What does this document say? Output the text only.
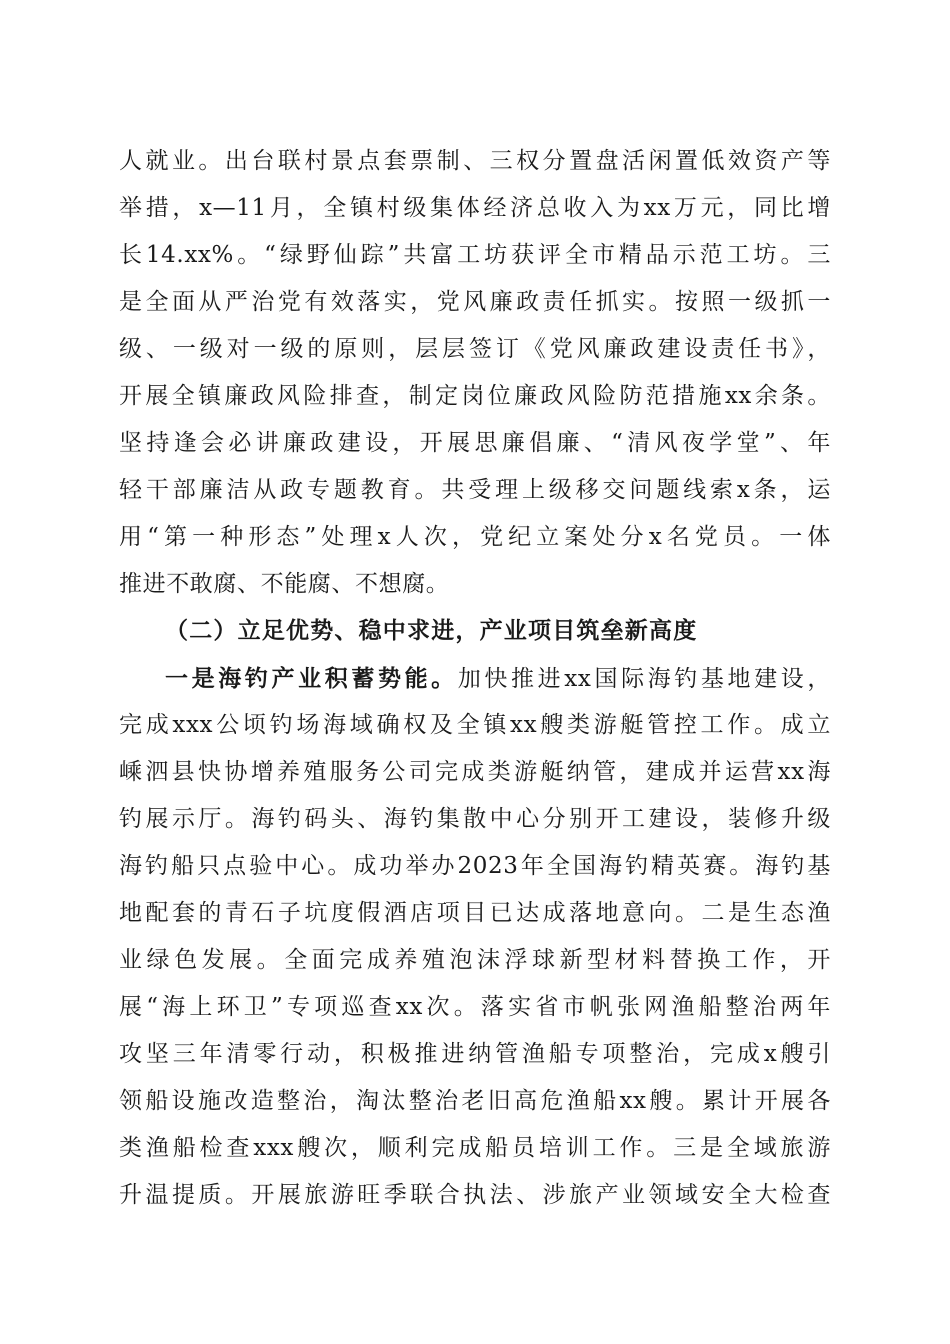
人就业。出台联村景点套票制、三权分置盘活闲置低效资产等
举措，x—11月，全镇村级集体经济总收入为xx万元，同比增
长14.xx%。“绿野仙踪”共富工坊获评全市精品示范工坊。三
是全面从严治党有效落实，党风廉政责任抓实。按照一级抓一
级、一级对一级的原则，层层签订《党风廉政建设责任书》，
开展全镇廉政风险排查，制定岗位廉政风险防范措施xx余条。
坚持逢会必讲廉政建设，开展思廉倡廉、“清风夜学堂”、年
轻干部廉洁从政专题教育。共受理上级移交问题线索x条，运
用“第一种形态”处理x人次，党纪立案处分x名党员。一体
推进不敢腐、不能腐、不想腐。
（二）立足优势、稳中求进，产业项目筑垒新高度
一是海钓产业积蓄势能。加快推进xx国际海钓基地建设，
完成xxx公顷钓场海域确权及全镇xx艘类游艇管控工作。成立
嵊泗县快协增养殖服务公司完成类游艇纳管，建成并运营xx海
钓展示厅。海钓码头、海钓集散中心分别开工建设，装修升级
海钓船只点验中心。成功举办2023年全国海钓精英赛。海钓基
地配套的青石子坑度假酒店项目已达成落地意向。二是生态渔
业绿色发展。全面完成养殖泡沫浮球新型材料替换工作，开
展“海上环卫”专项巡查xx次。落实省市帆张网渔船整治两年
攻坚三年清零行动，积极推进纳管渔船专项整治，完成x艘引
领船设施改造整治，淘汰整治老旧高危渔船xx艘。累计开展各
类渔船检查xxx艘次，顺利完成船员培训工作。三是全域旅游
升温提质。开展旅游旺季联合执法、涉旅产业领域安全大检查
